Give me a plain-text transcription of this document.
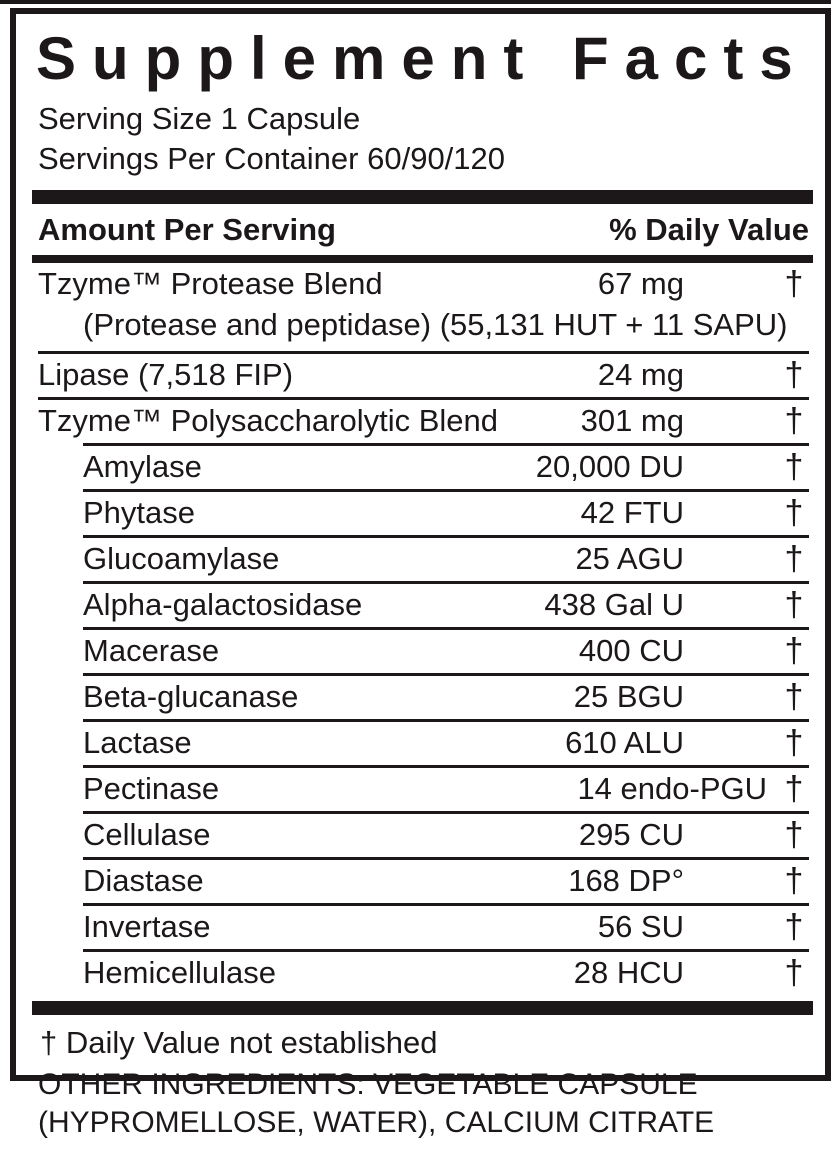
Supplement Facts

Serving Size 1 Capsule

Servings Per Container 60/90/120

Amount Per Serving	% Daily Value
Tzyme™ Protease Blend	67 mg	†
(Protease and peptidase) (55,131 HUT + 11 SAPU)
Lipase (7,518 FIP)	24 mg	†
Tzyme™ Polysaccharolytic Blend	301 mg	†
Amylase	20,000 DU	†
Phytase	42 FTU	†
Glucoamylase	25 AGU	†
Alpha-galactosidase	438 Gal U	†
Macerase	400 CU	†
Beta-glucanase	25 BGU	†
Lactase	610 ALU	†
Pectinase	14 endo-PGU †
Cellulase	295 CU	†
Diastase	168 DP°	†
Invertase	56 SU	†
Hemicellulase	28 HCU	†
† Daily Value not established
OTHER INGREDIENTS: VEGETABLE CAPSULE
(HYPROMELLOSE, WATER), CALCIUM CITRATE
